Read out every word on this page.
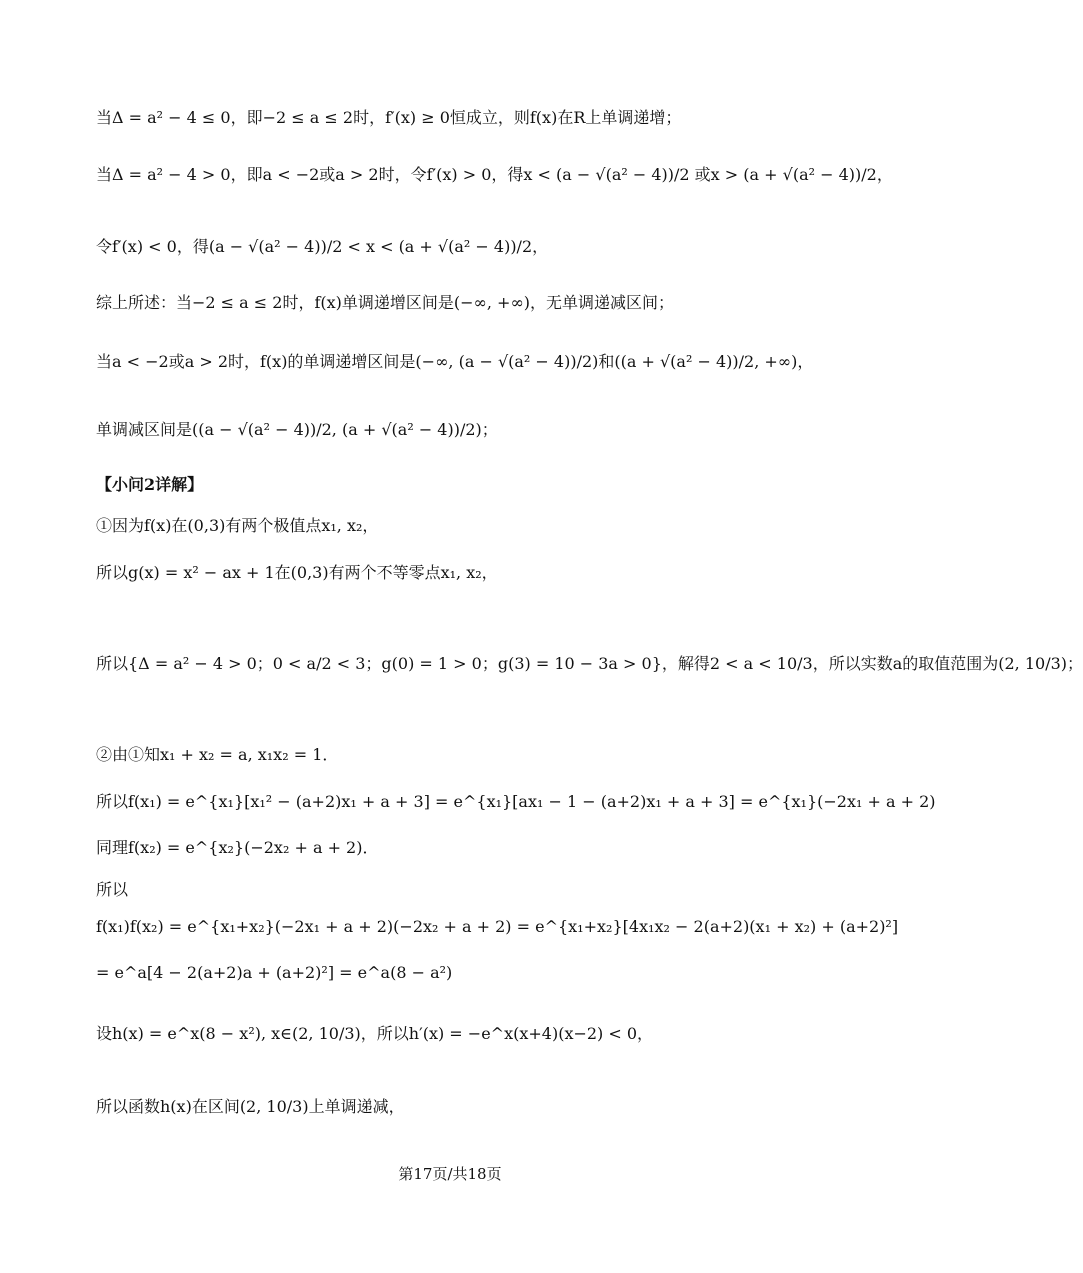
当Δ = a² − 4 ≤ 0，即−2 ≤ a ≤ 2时，f′(x) ≥ 0恒成立，则f(x)在R上单调递增；
当Δ = a² − 4 > 0，即a < −2或a > 2时，令f′(x) > 0，得x < (a − √(a² − 4))/2 或x > (a + √(a² − 4))/2，
令f′(x) < 0，得(a − √(a² − 4))/2 < x < (a + √(a² − 4))/2，
综上所述：当−2 ≤ a ≤ 2时，f(x)单调递增区间是(−∞, +∞)，无单调递减区间；
当a < −2或a > 2时，f(x)的单调递增区间是(−∞, (a − √(a² − 4))/2)和((a + √(a² − 4))/2, +∞)，
单调减区间是((a − √(a² − 4))/2, (a + √(a² − 4))/2)；
【小问2详解】
①因为f(x)在(0,3)有两个极值点x₁, x₂，
所以g(x) = x² − ax + 1在(0,3)有两个不等零点x₁, x₂，
所以{Δ = a² − 4 > 0；0 < a/2 < 3；g(0) = 1 > 0；g(3) = 10 − 3a > 0}，解得2 < a < 10/3，所以实数a的取值范围为(2, 10/3)；
②由①知x₁ + x₂ = a, x₁x₂ = 1．
所以f(x₁) = e^{x₁}[x₁² − (a+2)x₁ + a + 3] = e^{x₁}[ax₁ − 1 − (a+2)x₁ + a + 3] = e^{x₁}(−2x₁ + a + 2)
同理f(x₂) = e^{x₂}(−2x₂ + a + 2)．
所以
f(x₁)f(x₂) = e^{x₁+x₂}(−2x₁ + a + 2)(−2x₂ + a + 2) = e^{x₁+x₂}[4x₁x₂ − 2(a+2)(x₁ + x₂) + (a+2)²]
= e^a[4 − 2(a+2)a + (a+2)²] = e^a(8 − a²)
设h(x) = e^x(8 − x²), x∈(2, 10/3)，所以h′(x) = −e^x(x+4)(x−2) < 0，
所以函数h(x)在区间(2, 10/3)上单调递减，
第17页/共18页
